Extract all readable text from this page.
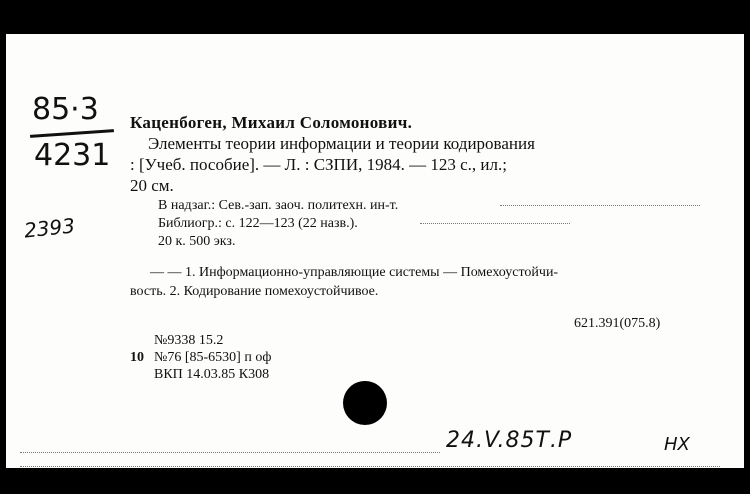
85·3
4231
2393
Каценбоген, Михаил Соломонович.
Элементы теории информации и теории кодирования
: [Учеб. пособие]. — Л. : СЗПИ, 1984. — 123 с., ил.;
20 см.
В надзаг.: Сев.-зап. заоч. политехн. ин-т.
Библиогр.: с. 122—123 (22 назв.).
20 к. 500 экз.
— — 1. Информационно-управляющие системы — Помехоустойчи-
вость. 2. Кодирование помехоустойчивое.
621.391(075.8)
№9338 15.2
10 №76 [85-6530] п оф
ВКП 14.03.85 К308
24.V.85Т.Р	НХ
